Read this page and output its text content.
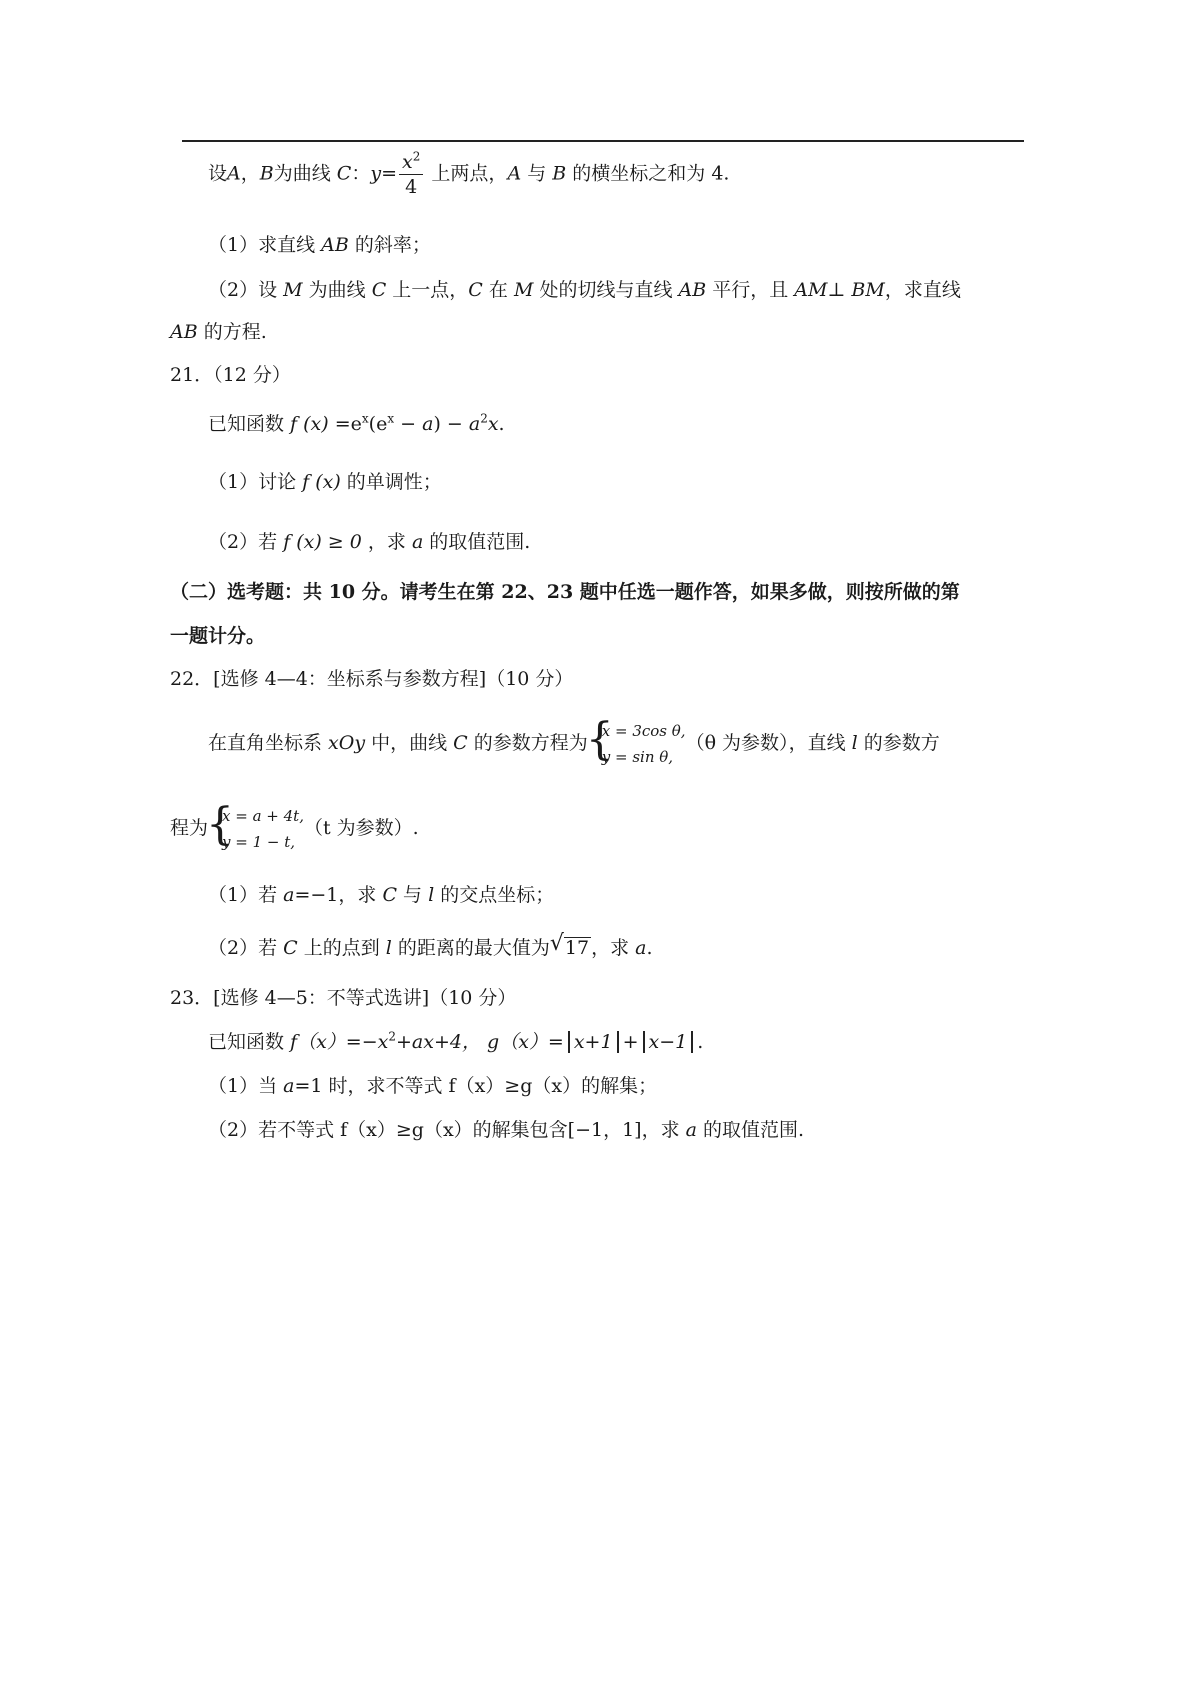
设A，B为曲线 C：$y= \frac{x^2}{4}$ 上两点，A 与 B 的横坐标之和为 4.
（1）求直线 AB 的斜率；
（2）设 M 为曲线 C 上一点，C 在 M 处的切线与直线 AB 平行，且 AM⊥ BM，求直线
AB 的方程.
21．（12 分）
已知函数 f $(x) =e^x(e^x - a) - a^2x$.
（1）讨论 f (x) 的单调性；
（2）若 f (x) ≥ 0 ，求 a 的取值范围.
（二）选考题：共 10 分。请考生在第 22、23 题中任选一题作答，如果多做，则按所做的第
一题计分。
22．[选修 4—4：坐标系与参数方程]（10 分）
在直角坐标系 xOy 中，曲线 C 的参数方程为
{
x = 3cos θ,
y = sin θ,
（θ 为参数），直线 l 的参数方
程为
{
x = a + 4t,
y = 1 − t,
（t 为参数）.
（1）若 a=−1，求 C 与 l 的交点坐标；
（2）若 C 上的点到 l 的距离的最大值为√ 17 ，求 a.
23．[选修 4—5：不等式选讲]（10 分）
已知函数 $f(x)=-x^2+ax+4$， g（x）= x+1 + x−1 .
（1）当 a=1 时，求不等式 f（x）≥g（x）的解集；
（2）若不等式 f（x）≥g（x）的解集包含[−1，1]，求 a 的取值范围.
